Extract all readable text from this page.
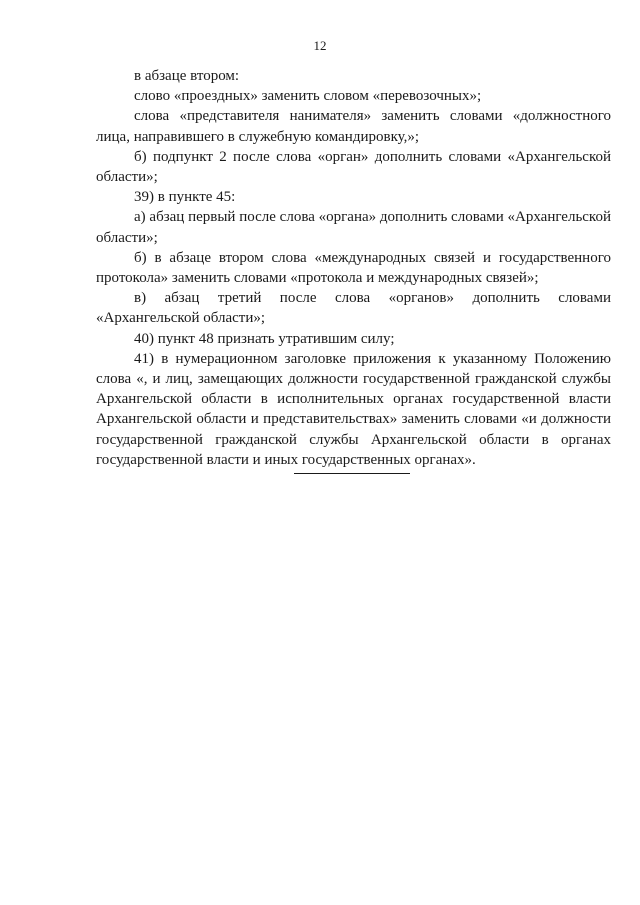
12

в абзаце втором:

слово «проездных» заменить словом «перевозочных»;

слова «представителя нанимателя» заменить словами «должностного лица, направившего в служебную командировку,»;

б) подпункт 2 после слова «орган» дополнить словами «Архангельской области»;

39) в пункте 45:

а) абзац первый после слова «органа» дополнить словами «Архангельской области»;

б) в абзаце втором слова «международных связей и государственного протокола» заменить словами «протокола и международных связей»;

в) абзац третий после слова «органов» дополнить словами «Архангельской области»;

40) пункт 48 признать утратившим силу;

41) в нумерационном заголовке приложения к указанному Положению слова «, и лиц, замещающих должности государственной гражданской службы Архангельской области в исполнительных органах государственной власти Архангельской области и представительствах» заменить словами «и должности государственной гражданской службы Архангельской области в органах государственной власти и иных государственных органах».
